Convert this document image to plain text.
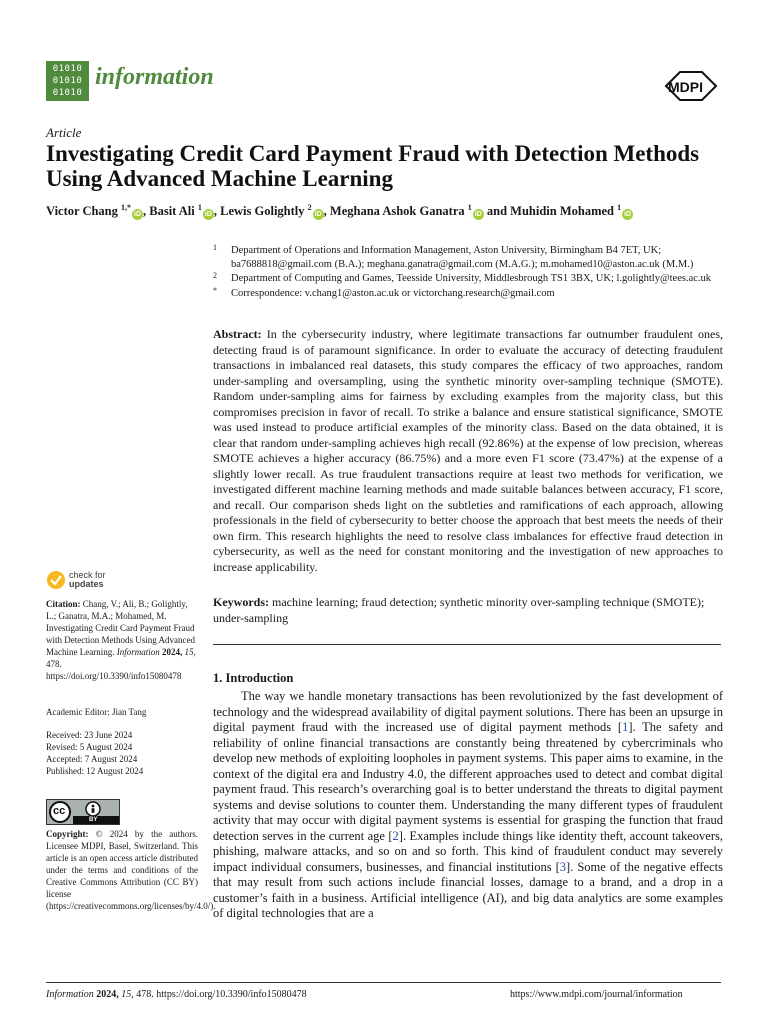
01010
01010
01010
information	MDPI
Article
Investigating Credit Card Payment Fraud with Detection Methods Using Advanced Machine Learning
Victor Chang $^{1,*}$iD , Basit Ali $^1$iD , Lewis Golightly $^2$iD , Meghana Ashok Ganatra $^1$iD and Muhidin Mohamed $^1$iD
1 Department of Operations and Information Management, Aston University, Birmingham B4 7ET, UK; ba7688818@gmail.com (B.A.); meghana.ganatra@gmail.com (M.A.G.); m.mohamed10@aston.ac.uk (M.M.)
2 Department of Computing and Games, Teesside University, Middlesbrough TS1 3BX, UK; l.golightly@tees.ac.uk
* Correspondence: v.chang1@aston.ac.uk or victorchang.research@gmail.com
Abstract: In the cybersecurity industry, where legitimate transactions far outnumber fraudulent ones, detecting fraud is of paramount significance. In order to evaluate the accuracy of detecting fraudulent transactions in imbalanced real datasets, this study compares the efficacy of two approaches, random under-sampling and oversampling, using the synthetic minority over-sampling technique (SMOTE). Random under-sampling aims for fairness by excluding examples from the majority class, but this compromises precision in favor of recall. To strike a balance and ensure statistical significance, SMOTE was used instead to produce artificial examples of the minority class. Based on the data obtained, it is clear that random under-sampling achieves high recall (92.86%) at the expense of low precision, whereas SMOTE achieves a higher accuracy (86.75%) and a more even F1 score (73.47%) at the expense of a slightly lower recall. As true fraudulent transactions require at least two methods for verification, we investigated different machine learning methods and made suitable balances between accuracy, F1 score, and recall. Our comparison sheds light on the subtleties and ramifications of each approach, allowing professionals in the field of cybersecurity to better choose the approach that best meets the needs of their own firm. This research highlights the need to resolve class imbalances for effective fraud detection in cybersecurity, as well as the need for constant monitoring and the investigation of new approaches to increase applicability.
Keywords: machine learning; fraud detection; synthetic minority over-sampling technique (SMOTE); under-sampling
1. Introduction
The way we handle monetary transactions has been revolutionized by the fast development of technology and the widespread availability of digital payment solutions. There has been an upsurge in digital payment fraud with the increased use of digital payment methods [1]. The safety and reliability of online financial transactions are constantly being threatened by cybercriminals who develop new methods of exploiting loopholes in payment systems. This paper aims to examine, in the context of the digital era and Industry 4.0, the different approaches used to detect and combat digital payment fraud. This research’s overarching goal is to better understand the threats to digital payment systems and devise solutions to counter them. Understanding the many different types of fraudulent activity that may occur with digital payment systems is essential for grasping the function that fraud detection serves in the current age [2]. Examples include things like identity theft, account takeovers, phishing, malware attacks, and so on and so forth. This kind of fraudulent conduct may severely impact individual consumers, businesses, and financial institutions [3]. Some of the negative effects that may result from such actions include financial losses, damage to a brand, and a drop in a customer’s faith in a business. Artificial intelligence (AI), and big data analytics are some examples of digital technologies that are a
check for
updates
Citation: Chang, V.; Ali, B.; Golightly, L.; Ganatra, M.A.; Mohamed, M. Investigating Credit Card Payment Fraud with Detection Methods Using Advanced Machine Learning. Information 2024, 15, 478. https://doi.org/10.3390/info15080478
Academic Editor: Jian Tang
Received: 23 June 2024
Revised: 5 August 2024
Accepted: 7 August 2024
Published: 12 August 2024
cc
BY
Copyright: © 2024 by the authors. Licensee MDPI, Basel, Switzerland. This article is an open access article distributed under the terms and conditions of the Creative Commons Attribution (CC BY) license (https://creativecommons.org/licenses/by/4.0/).
Information 2024, 15, 478. https://doi.org/10.3390/info15080478	https://www.mdpi.com/journal/information
